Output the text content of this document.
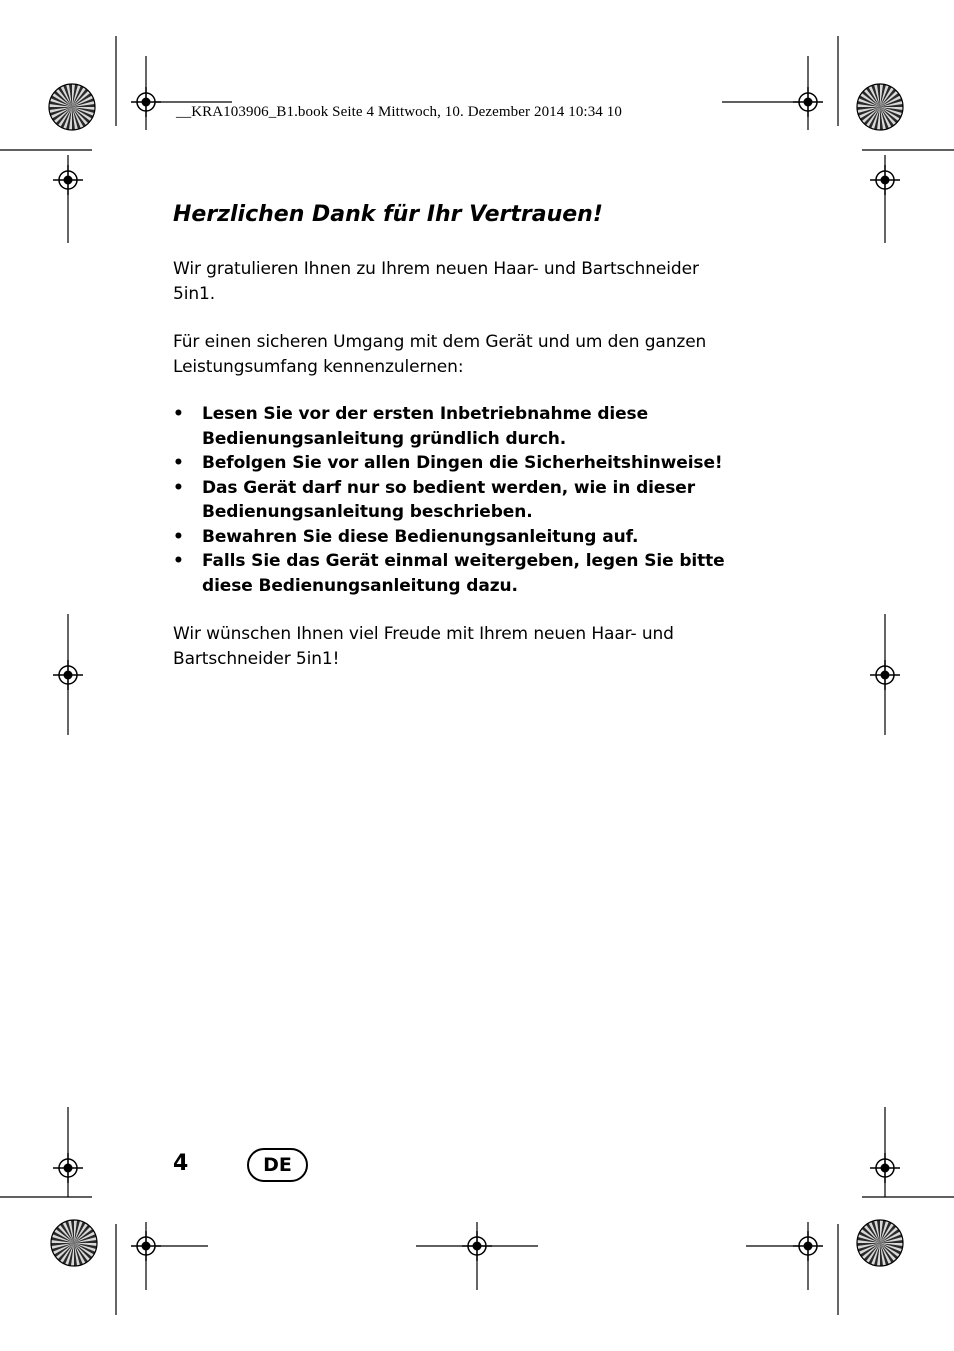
__KRA103906_B1.book Seite 4 Mittwoch, 10. Dezember 2014 10:34 10
Herzlichen Dank für Ihr Vertrauen!

Wir gratulieren Ihnen zu Ihrem neuen Haar- und Bartschneider 5in1.

Für einen sicheren Umgang mit dem Gerät und um den ganzen Leistungsumfang kennenzulernen:

• Lesen Sie vor der ersten Inbetriebnahme diese Bedienungsanleitung gründlich durch.
• Befolgen Sie vor allen Dingen die Sicherheitshinweise!
• Das Gerät darf nur so bedient werden, wie in dieser Bedienungsanleitung beschrieben.
• Bewahren Sie diese Bedienungsanleitung auf.
• Falls Sie das Gerät einmal weitergeben, legen Sie bitte diese Bedienungsanleitung dazu.

Wir wünschen Ihnen viel Freude mit Ihrem neuen Haar- und Bartschneider 5in1!

4	DE
